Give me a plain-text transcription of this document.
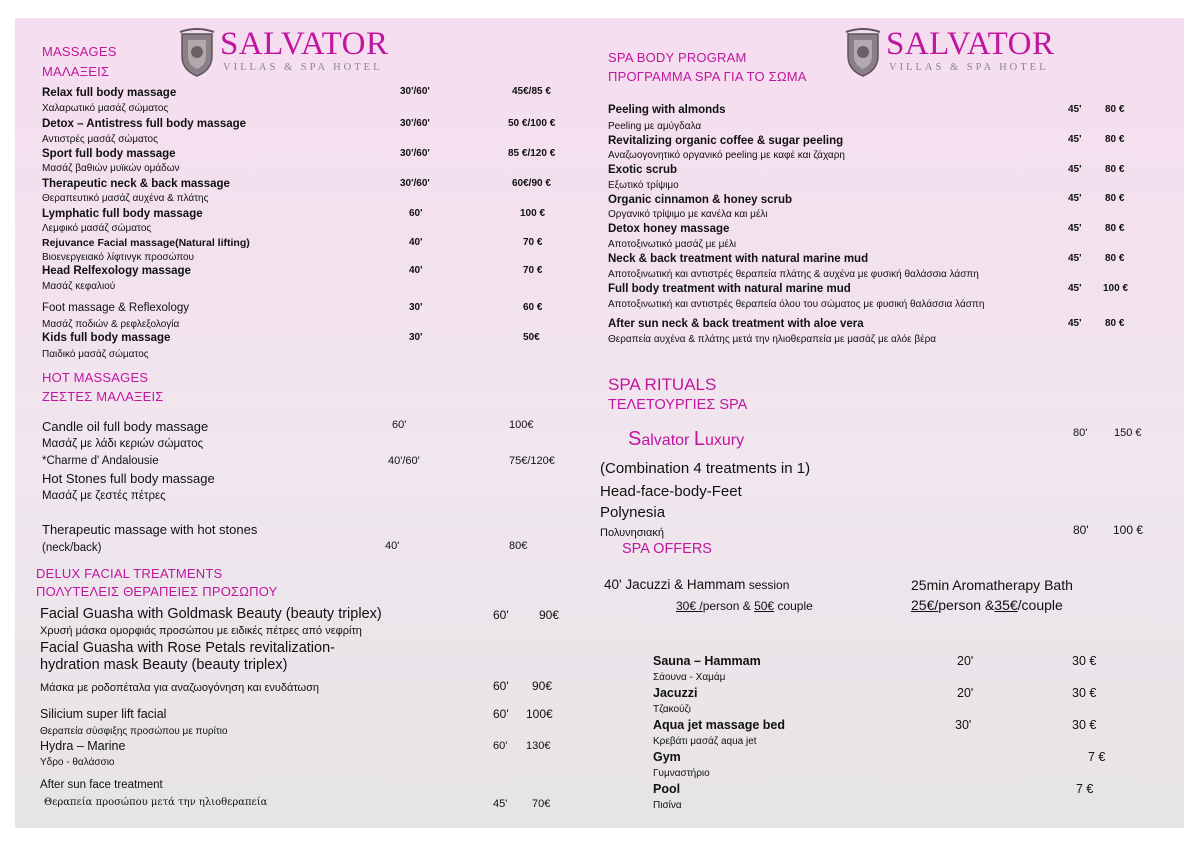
SALVATOR
VILLAS & SPA HOTEL
MASSAGES
ΜΑΛΑΞΕΙΣ
Relax full body massage
Χαλαρωτικό μασάζ σώματος
30'/60'	45€/85 €
Detox – Antistress full body massage
Αντιστρές μασάζ σώματος
30'/60'	50 €/100 €
Sport full body massage
Μασάζ βαθιών μυϊκών ομάδων
30'/60'	85 €/120 €
Therapeutic neck & back massage
Θεραπευτικό μασάζ αυχένα & πλάτης
30'/60'	60€/90 €
Lymphatic full body massage
Λεμφικό μασάζ σώματος
60'	100 €
Rejuvance Facial massage(Natural lifting)
Βιοενεργειακό λίφτινγκ προσώπου
40'	70 €
Head Relfexology massage
Μασάζ κεφαλιού
40'	70 €
Foot massage & Reflexology
Μασάζ ποδιών & ρεφλεξολογία
30'	60 €
Kids full body massage
Παιδικό μασάζ σώματος
30'	50€
HOT MASSAGES
ΖΕΣΤΕΣ ΜΑΛΑΞΕΙΣ
Candle oil full body massage	60'	100€
Μασάζ με λάδι κεριών σώματος
*Charme d' Andalousie	40'/60'	75€/120€
Hot Stones full body massage
Μασάζ με ζεστές πέτρες
Therapeutic massage with hot stones
(neck/back)	40'	80€
DELUX FACIAL TREATMENTS
ΠΟΛΥΤΕΛΕΙΣ ΘΕΡΑΠΕΙΕΣ ΠΡΟΣΩΠΟΥ
Facial Guasha with Goldmask Beauty (beauty triplex)	60'	90€
Χρυσή μάσκα ομορφιάς προσώπου με ειδικές πέτρες από νεφρίτη
Facial Guasha with Rose Petals revitalization-
hydration mask Beauty (beauty triplex)
Μάσκα με ροδοπέταλα για αναζωογόνηση και ενυδάτωση	60' 90€
Silicium super lift facial	60' 100€
Θεραπεία σύσφιξης προσώπου με πυρίτιο
Hydra – Marine	60' 130€
Υδρο - θαλάσσιο
After sun face treatment
Θεραπεία προσώπου μετά την ηλιοθεραπεία	45' 70€
SALVATOR
VILLAS & SPA HOTEL
SPA BODY PROGRAM
ΠΡΟΓΡΑΜΜΑ SPA ΓΙΑ ΤΟ ΣΩΜΑ
Peeling with almonds
Peeling με αμύγδαλα
45' 80 €
Revitalizing organic coffee & sugar peeling
Αναζωογονητικό οργανικό peeling με καφέ και ζάχαρη
45' 80 €
Exotic scrub
Εξωτικό τρίψιμο
45' 80 €
Organic cinnamon & honey scrub
Οργανικό τρίψιμο με κανέλα και μέλι
45' 80 €
Detox honey massage
Αποτοξινωτικό μασάζ με μέλι
45' 80 €
Neck & back treatment with natural marine mud
Αποτοξινωτική και αντιστρές θεραπεία πλάτης & αυχένα με φυσική θαλάσσια λάσπη
45' 80 €
Full body treatment with natural marine mud
Αποτοξινωτική και αντιστρές θεραπεία όλου του σώματος με φυσική θαλάσσια λάσπη
45' 100 €
After sun neck & back treatment with aloe vera
Θεραπεία αυχένα & πλάτης μετά την ηλιοθεραπεία με μασάζ με αλόε βέρα
45' 80 €
SPA RITUALS
ΤΕΛΕΤΟΥΡΓΙΕΣ SPA
Salvator Luxury	80' 150 €
(Combination 4 treatments in 1)
Head-face-body-Feet
Polynesia
Πολυνησιακή	80' 100 €
SPA OFFERS
40' Jacuzzi & Hammam session
30€ /person & 50€ couple
25min Aromatherapy Bath
25€/person &35€/couple
Sauna – Hammam
Σάουνα - Χαμάμ
20'	30 €
Jacuzzi
Τζακούζι
20'	30 €
Aqua jet massage bed
Κρεβάτι μασάζ aqua jet
30'	30 €
Gym
Γυμναστήριο
7 €
Pool
Πισίνα
7 €
